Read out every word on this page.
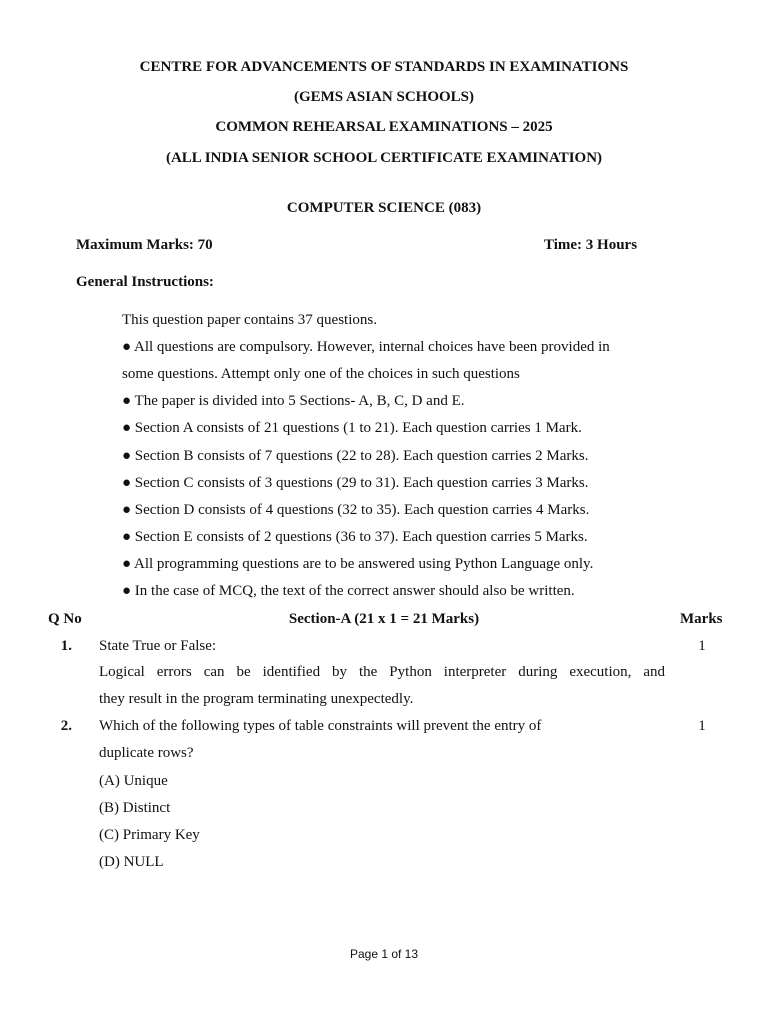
CENTRE FOR ADVANCEMENTS OF STANDARDS IN EXAMINATIONS
(GEMS ASIAN SCHOOLS)
COMMON REHEARSAL EXAMINATIONS – 2025
(ALL INDIA SENIOR SCHOOL CERTIFICATE EXAMINATION)
COMPUTER SCIENCE (083)
Maximum Marks: 70	Time: 3 Hours
General Instructions:
This question paper contains 37 questions.
● All questions are compulsory. However, internal choices have been provided in
some questions. Attempt only one of the choices in such questions
● The paper is divided into 5 Sections- A, B, C, D and E.
● Section A consists of 21 questions (1 to 21). Each question carries 1 Mark.
● Section B consists of 7 questions (22 to 28). Each question carries 2 Marks.
● Section C consists of 3 questions (29 to 31). Each question carries 3 Marks.
● Section D consists of 4 questions (32 to 35). Each question carries 4 Marks.
● Section E consists of 2 questions (36 to 37). Each question carries 5 Marks.
● All programming questions are to be answered using Python Language only.
● In the case of MCQ, the text of the correct answer should also be written.
Q No	Section-A (21 x 1 = 21 Marks)	Marks
1. State True or False:	1
Logical errors can be identified by the Python interpreter during execution, and
they result in the program terminating unexpectedly.
2. Which of the following types of table constraints will prevent the entry of	1
duplicate rows?
(A) Unique
(B) Distinct
(C) Primary Key
(D) NULL
Page 1 of 13
